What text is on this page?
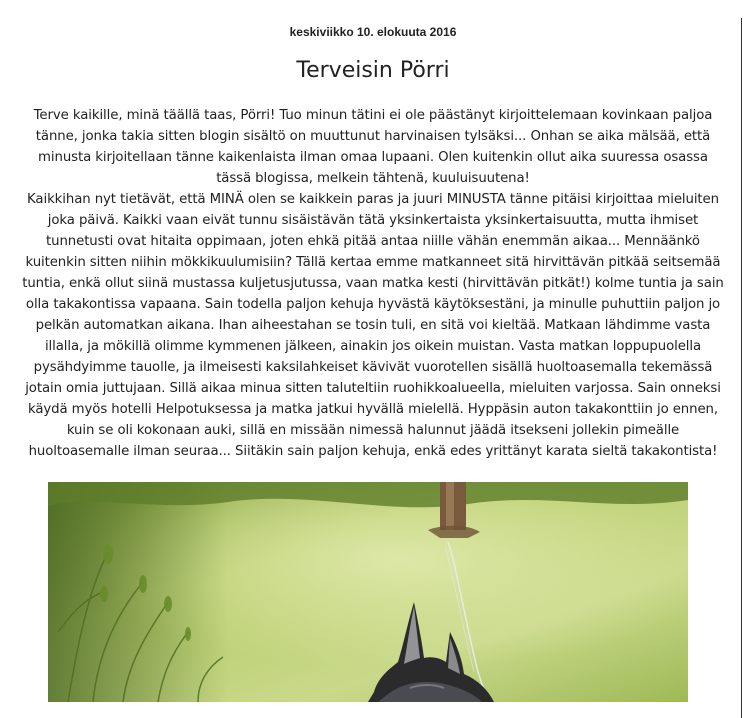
keskiviikko 10. elokuuta 2016
Terveisin Pörri

Terve kaikille, minä täällä taas, Pörri! Tuo minun tätini ei ole päästänyt kirjoittelemaan kovinkaan paljoa tänne, jonka takia sitten blogin sisältö on muuttunut harvinaisen tylsäksi... Onhan se aika mälsää, että minusta kirjoitellaan tänne kaikenlaista ilman omaa lupaani. Olen kuitenkin ollut aika suuressa osassa tässä blogissa, melkein tähtenä, kuuluisuutena!

Kaikkihan nyt tietävät, että MINÄ olen se kaikkein paras ja juuri MINUSTA tänne pitäisi kirjoittaa mieluiten joka päivä. Kaikki vaan eivät tunnu sisäistävän tätä yksinkertaista yksinkertaisuutta, mutta ihmiset tunnetusti ovat hitaita oppimaan, joten ehkä pitää antaa niille vähän enemmän aikaa... Mennäänkö kuitenkin sitten niihin mökkikuulumisiin? Tällä kertaa emme matkanneet sitä hirvittävän pitkää seitsemää tuntia, enkä ollut siinä mustassa kuljetusjutussa, vaan matka kesti (hirvittävän pitkät!) kolme tuntia ja sain olla takakontissa vapaana. Sain todella paljon kehuja hyvästä käytöksestäni, ja minulle puhuttiin paljon jo pelkän automatkan aikana. Ihan aiheestahan se tosin tuli, en sitä voi kieltää. Matkaan lähdimme vasta illalla, ja mökillä olimme kymmenen jälkeen, ainakin jos oikein muistan. Vasta matkan loppupuolella pysähdyimme tauolle, ja ilmeisesti kaksilahkeiset kävivät vuorotellen sisällä huoltoasemalla tekemässä jotain omia juttujaan. Sillä aikaa minua sitten taluteltiin ruohikkoalueella, mieluiten varjossa. Sain onneksi käydä myös hotelli Helpotuksessa ja matka jatkui hyvällä mielellä. Hyppäsin auton takakonttiin jo ennen, kuin se oli kokonaan auki, sillä en missään nimessä halunnut jäädä itsekseni jollekin pimeälle huoltoasemalle ilman seuraa... Siitäkin sain paljon kehuja, enkä edes yrittänyt karata sieltä takakontista!
